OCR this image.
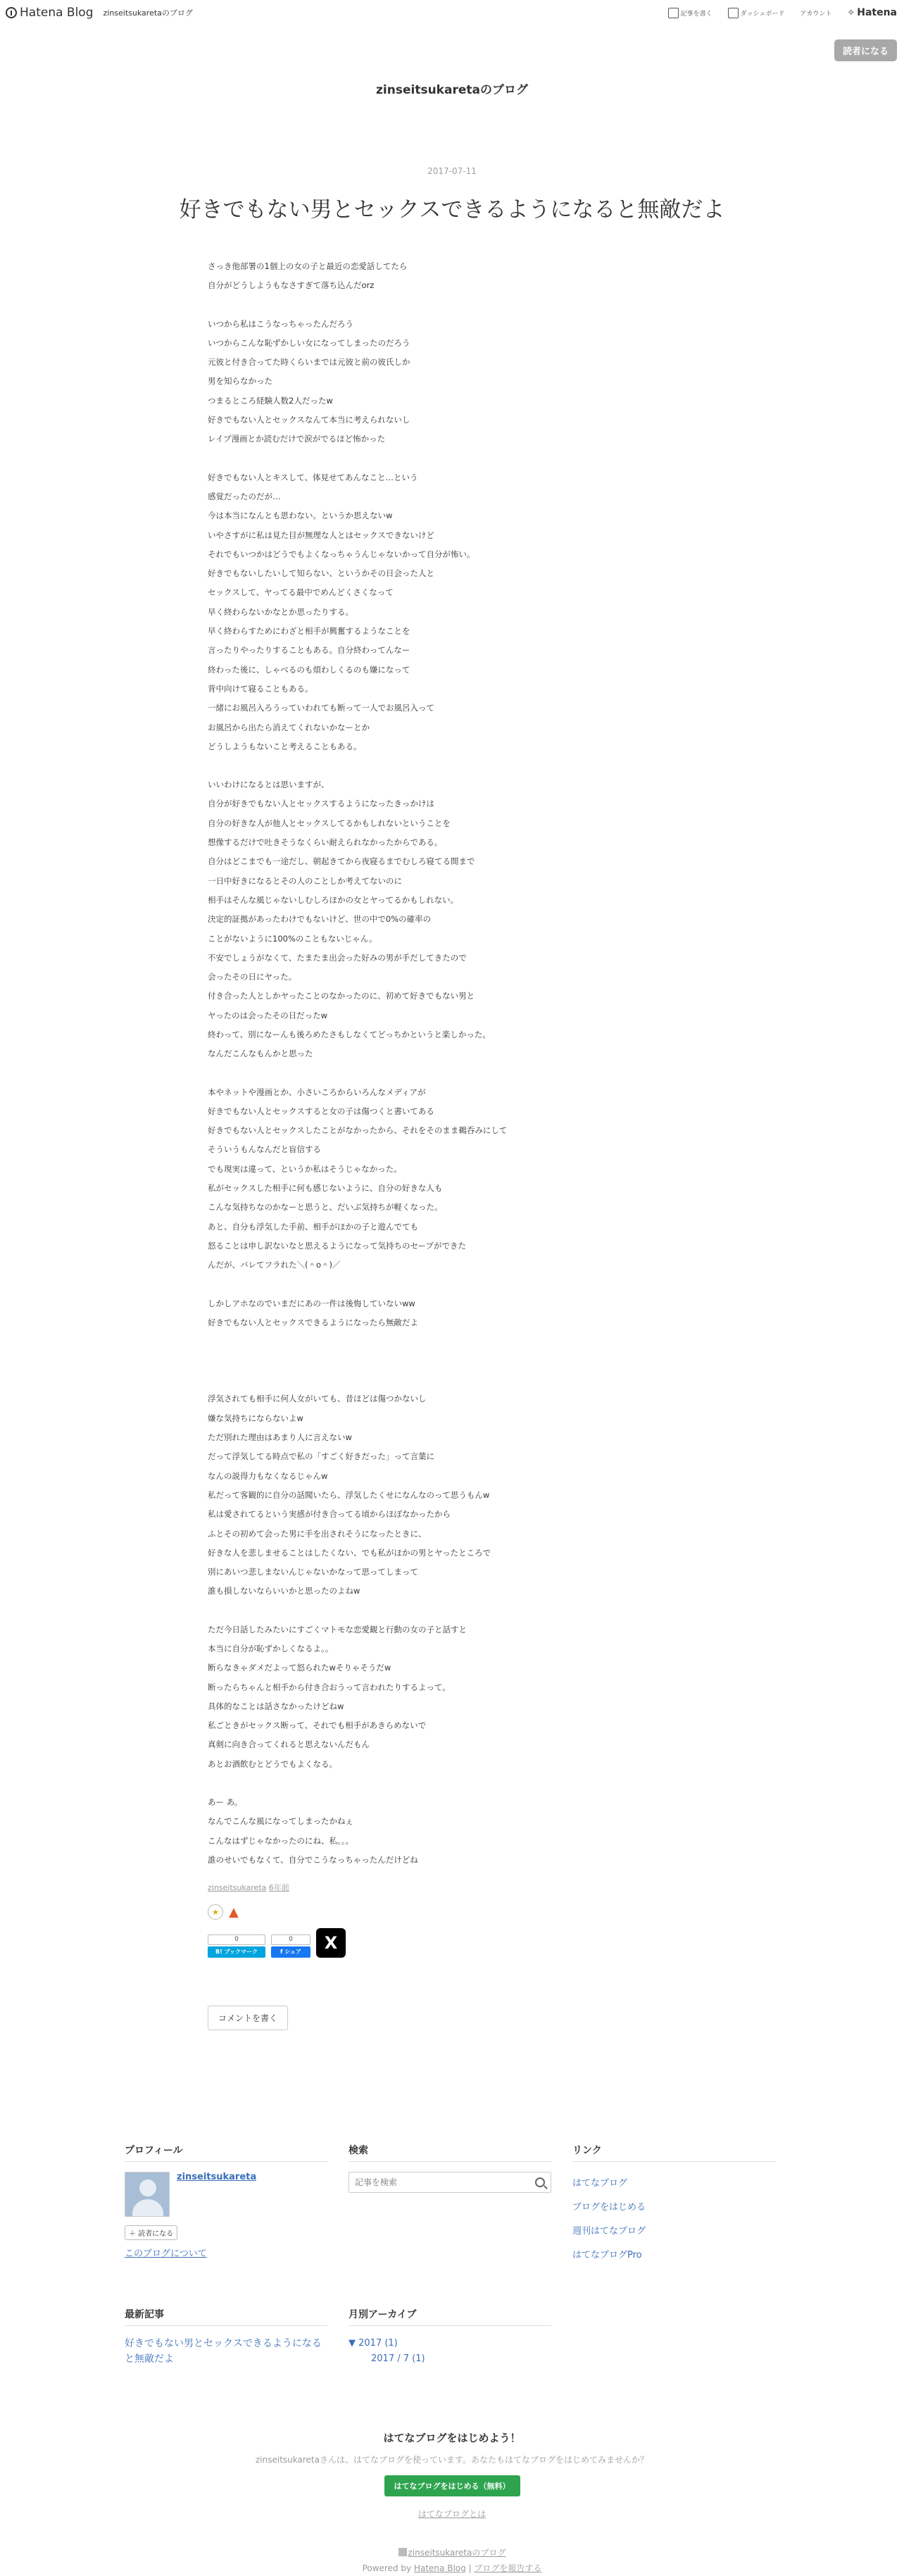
Hatena Blog zinseitsukaretaのブログ	記事を書く	ダッシュボード アカウント ✧ Hatena
読者になる
zinseitsukaretaのブログ
2017-07-11
好きでもない男とセックスできるようになると無敵だよ

さっき他部署の1個上の女の子と最近の恋愛話してたら
自分がどうしようもなさすぎて落ち込んだorz

いつから私はこうなっちゃったんだろう
いつからこんな恥ずかしい女になってしまったのだろう
元彼と付き合ってた時くらいまでは元彼と前の彼氏しか
男を知らなかった
つまるところ経験人数2人だったw
好きでもない人とセックスなんて本当に考えられないし
レイプ漫画とか読むだけで涙がでるほど怖かった

好きでもない人とキスして、体見せてあんなこと…という
感覚だったのだが…
今は本当になんとも思わない。というか思えないw
いやさすがに私は見た目が無理な人とはセックスできないけど
それでもいつかはどうでもよくなっちゃうんじゃないかって自分が怖い。
好きでもないしたいして知らない、というかその日会った人と
セックスして、ヤってる最中でめんどくさくなって
早く終わらないかなとか思ったりする。
早く終わらすためにわざと相手が興奮するようなことを
言ったりやったりすることもある。自分終わってんなー
終わった後に、しゃべるのも煩わしくるのも嫌になって
背中向けて寝ることもある。
一緒にお風呂入ろうっていわれても断って一人でお風呂入って
お風呂から出たら消えてくれないかなーとか
どうしようもないこと考えることもある。

いいわけになるとは思いますが、
自分が好きでもない人とセックスするようになったきっかけは
自分の好きな人が他人とセックスしてるかもしれないということを
想像するだけで吐きそうなくらい耐えられなかったからである。
自分はどこまでも一途だし、朝起きてから夜寝るまでむしろ寝てる間まで
一日中好きになるとその人のことしか考えてないのに
相手はそんな風じゃないしむしろほかの女とヤってるかもしれない。
決定的証拠があったわけでもないけど、世の中で0%の確率の
ことがないように100%のこともないじゃん。
不安でしょうがなくて、たまたま出会った好みの男が手だしてきたので
会ったその日にヤった。
付き合った人としかヤったことのなかったのに、初めて好きでもない男と
ヤったのは会ったその日だったw
終わって、別になーんも後ろめたさもしなくてどっちかというと楽しかった。
なんだこんなもんかと思った

本やネットや漫画とか、小さいころからいろんなメディアが
好きでもない人とセックスすると女の子は傷つくと書いてある
好きでもない人とセックスしたことがなかったから、それをそのまま鵜呑みにして
そういうもんなんだと盲信する
でも現実は違って、というか私はそうじゃなかった。
私がセックスした相手に何も感じないように、自分の好きな人も
こんな気持ちなのかなーと思うと、だいぶ気持ちが軽くなった。
あと、自分も浮気した手前、相手がほかの子と遊んでても
怒ることは申し訳ないなと思えるようになって気持ちのセーブができた
んだが、バレてフラれた＼(＾o＾)／

しかしアホなのでいまだにあの一件は後悔していないww
好きでもない人とセックスできるようになったら無敵だよ

浮気されても相手に何人女がいても、昔ほどは傷つかないし
嫌な気持ちにならないよw
ただ別れた理由はあまり人に言えないw
だって浮気してる時点で私の「すごく好きだった」って言葉に
なんの説得力もなくなるじゃんw
私だって客観的に自分の話聞いたら、浮気したくせになんなのって思うもんw
私は愛されてるという実感が付き合ってる頃からほぼなかったから
ふとその初めて会った男に手を出されそうになったときに、
好きな人を悲しませることはしたくない、でも私がほかの男とヤったところで
別にあいつ悲しまないんじゃないかなって思ってしまって
誰も損しないならいいかと思ったのよねw

ただ今日話したみたいにすごくマトモな恋愛観と行動の女の子と話すと
本当に自分が恥ずかしくなるよ。。
断らなきゃダメだよって怒られたwそりゃそうだw
断ったらちゃんと相手から付き合おうって言われたりするよって。
具体的なことは話さなかったけどねw
私ごときがセックス断って、それでも相手があきらめないで
真剣に向き合ってくれると思えないんだもん
あとお酒飲むとどうでもよくなる。

あー あ。
なんでこんな風になってしまったかねぇ
こんなはずじゃなかったのにね、私。。。
誰のせいでもなくて、自分でこうなっちゃったんだけどね

zinseitsukareta 6年前
★ ▲
0
B! ブックマーク
0
f シェア	X
コメントを書く
プロフィール
zinseitsukareta
＋ 読者になる
このブログについて
検索
記事を検索	リンク
はてなブログ
ブログをはじめる
週刊はてなブログ
はてなブログPro
最新記事
好きでもない男とセックスできるようになると無敵だよ
月別アーカイブ
▼ 2017 (1)
2017 / 7 (1)
はてなブログをはじめよう！
zinseitsukaretaさんは、はてなブログを使っています。あなたもはてなブログをはじめてみませんか？
はてなブログをはじめる（無料）
はてなブログとは
zinseitsukaretaのブログ
Powered by Hatena Blog | ブログを報告する
